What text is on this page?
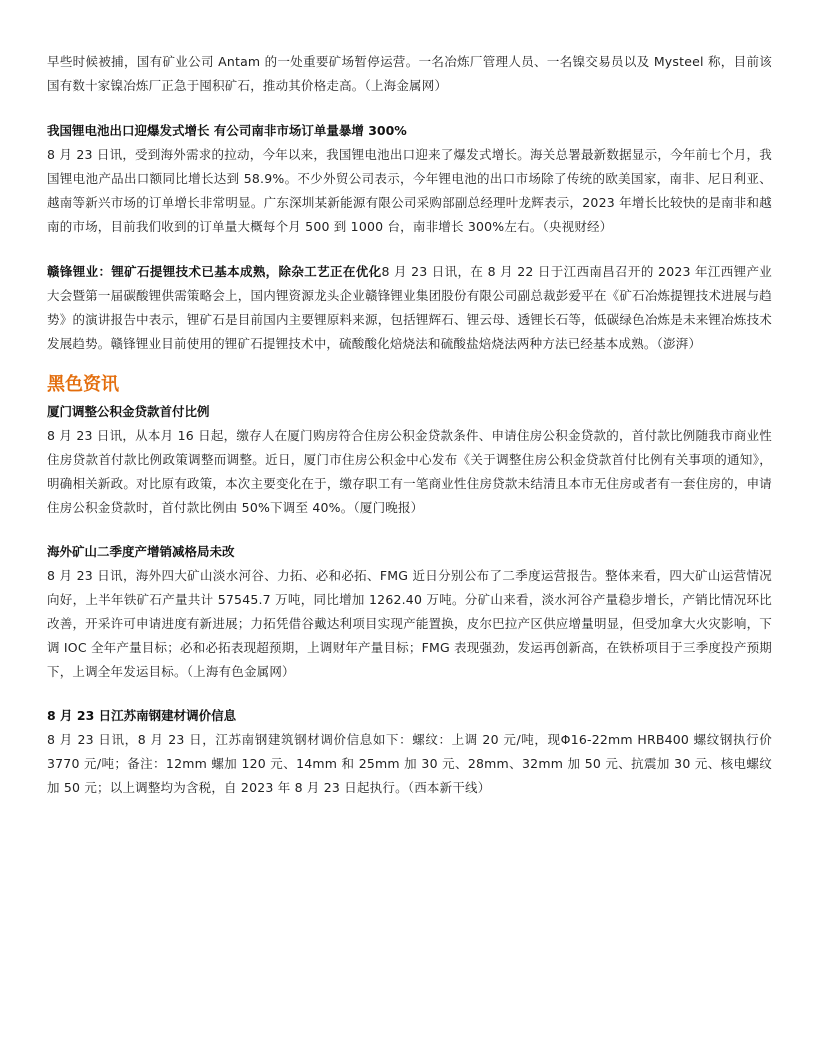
早些时候被捕，国有矿业公司 Antam 的一处重要矿场暂停运营。一名冶炼厂管理人员、一名镍交易员以及 Mysteel 称，目前该国有数十家镍冶炼厂正急于囤积矿石，推动其价格走高。（上海金属网）

我国锂电池出口迎爆发式增长 有公司南非市场订单量暴增 300%

8 月 23 日讯，受到海外需求的拉动，今年以来，我国锂电池出口迎来了爆发式增长。海关总署最新数据显示，今年前七个月，我国锂电池产品出口额同比增长达到 58.9%。不少外贸公司表示，今年锂电池的出口市场除了传统的欧美国家，南非、尼日利亚、越南等新兴市场的订单增长非常明显。广东深圳某新能源有限公司采购部副总经理叶龙辉表示，2023 年增长比较快的是南非和越南的市场，目前我们收到的订单量大概每个月 500 到 1000 台，南非增长 300%左右。（央视财经）

赣锋锂业：锂矿石提锂技术已基本成熟，除杂工艺正在优化8 月 23 日讯，在 8 月 22 日于江西南昌召开的 2023 年江西锂产业大会暨第一届碳酸锂供需策略会上，国内锂资源龙头企业赣锋锂业集团股份有限公司副总裁彭爱平在《矿石冶炼提锂技术进展与趋势》的演讲报告中表示，锂矿石是目前国内主要锂原料来源，包括锂辉石、锂云母、透锂长石等，低碳绿色冶炼是未来锂冶炼技术发展趋势。赣锋锂业目前使用的锂矿石提锂技术中，硫酸酸化焙烧法和硫酸盐焙烧法两种方法已经基本成熟。（澎湃）

黑色资讯

厦门调整公积金贷款首付比例

8 月 23 日讯，从本月 16 日起，缴存人在厦门购房符合住房公积金贷款条件、申请住房公积金贷款的，首付款比例随我市商业性住房贷款首付款比例政策调整而调整。近日，厦门市住房公积金中心发布《关于调整住房公积金贷款首付比例有关事项的通知》，明确相关新政。对比原有政策，本次主要变化在于，缴存职工有一笔商业性住房贷款未结清且本市无住房或者有一套住房的，申请住房公积金贷款时，首付款比例由 50%下调至 40%。（厦门晚报）

海外矿山二季度产增销减格局未改

8 月 23 日讯，海外四大矿山淡水河谷、力拓、必和必拓、FMG 近日分别公布了二季度运营报告。整体来看，四大矿山运营情况向好，上半年铁矿石产量共计 57545.7 万吨，同比增加 1262.40 万吨。分矿山来看，淡水河谷产量稳步增长，产销比情况环比改善，开采许可申请进度有新进展；力拓凭借谷戴达利项目实现产能置换，皮尔巴拉产区供应增量明显，但受加拿大火灾影响，下调 IOC 全年产量目标；必和必拓表现超预期，上调财年产量目标；FMG 表现强劲，发运再创新高，在铁桥项目于三季度投产预期下，上调全年发运目标。（上海有色金属网）

8 月 23 日江苏南钢建材调价信息

8 月 23 日讯，8 月 23 日，江苏南钢建筑钢材调价信息如下：螺纹：上调 20 元/吨，现Φ16-22mm HRB400 螺纹钢执行价 3770 元/吨；备注：12mm 螺加 120 元、14mm 和 25mm 加 30 元、28mm、32mm 加 50 元、抗震加 30 元、核电螺纹加 50 元；以上调整均为含税，自 2023 年 8 月 23 日起执行。（西本新干线）
